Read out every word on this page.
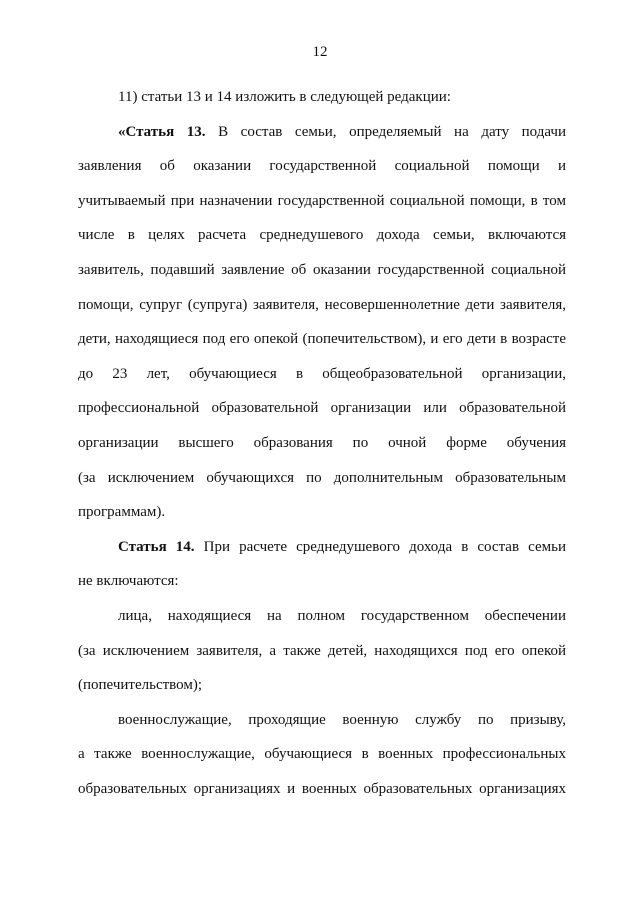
12
11) статьи 13 и 14 изложить в следующей редакции:
«Статья 13. В состав семьи, определяемый на дату подачи
заявления об оказании государственной социальной помощи и
учитываемый при назначении государственной социальной помощи, в том
числе в целях расчета среднедушевого дохода семьи, включаются
заявитель, подавший заявление об оказании государственной социальной
помощи, супруг (супруга) заявителя, несовершеннолетние дети заявителя,
дети, находящиеся под его опекой (попечительством), и его дети в возрасте
до 23 лет, обучающиеся в общеобразовательной организации,
профессиональной образовательной организации или образовательной
организации высшего образования по очной форме обучения
(за исключением обучающихся по дополнительным образовательным
программам).
Статья 14. При расчете среднедушевого дохода в состав семьи
не включаются:
лица, находящиеся на полном государственном обеспечении
(за исключением заявителя, а также детей, находящихся под его опекой
(попечительством);
военнослужащие, проходящие военную службу по призыву,
а также военнослужащие, обучающиеся в военных профессиональных
образовательных организациях и военных образовательных организациях
